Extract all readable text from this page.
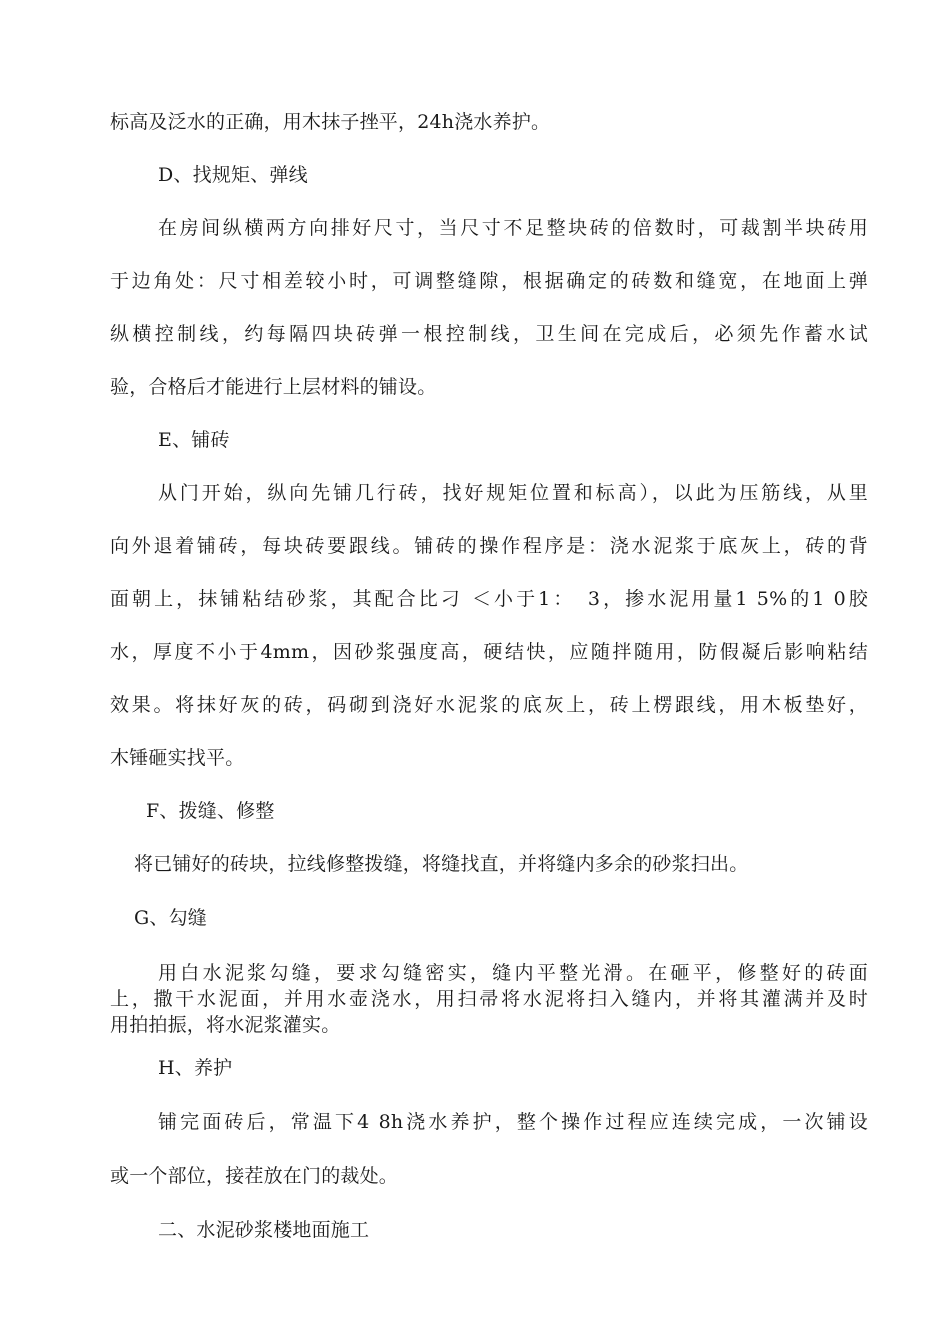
标高及泛水的正确，用木抹子挫平，24h浇水养护。
D、找规矩、弹线
在房间纵横两方向排好尺寸，当尺寸不足整块砖的倍数时，可裁割半块砖用
于边角处：尺寸相差较小时，可调整缝隙，根据确定的砖数和缝宽，在地面上弹
纵横控制线，约每隔四块砖弹一根控制线，卫生间在完成后，必须先作蓄水试
验，合格后才能进行上层材料的铺设。
E、铺砖
从门开始，纵向先铺几行砖，找好规矩位置和标高），以此为压筋线，从里
向外退着铺砖，每块砖要跟线。铺砖的操作程序是：浇水泥浆于底灰上，砖的背
面朝上，抹铺粘结砂浆，其配合比刁 ＜小于1：　3，掺水泥用量1 5%的1 0胶
水，厚度不小于4mm，因砂浆强度高，硬结快，应随拌随用，防假凝后影响粘结
效果。将抹好灰的砖，码砌到浇好水泥浆的底灰上，砖上楞跟线，用木板垫好，
木锤砸实找平。
F、拨缝、修整
将已铺好的砖块，拉线修整拨缝，将缝找直，并将缝内多余的砂浆扫出。
G、勾缝
用白水泥浆勾缝，要求勾缝密实，缝内平整光滑。在砸平，修整好的砖面
上，撒干水泥面，并用水壶浇水，用扫帚将水泥将扫入缝内，并将其灌满并及时
用拍拍振，将水泥浆灌实。
H、养护
铺完面砖后，常温下4 8h浇水养护，整个操作过程应连续完成，一次铺设
或一个部位，接茬放在门的裁处。
二、水泥砂浆楼地面施工
